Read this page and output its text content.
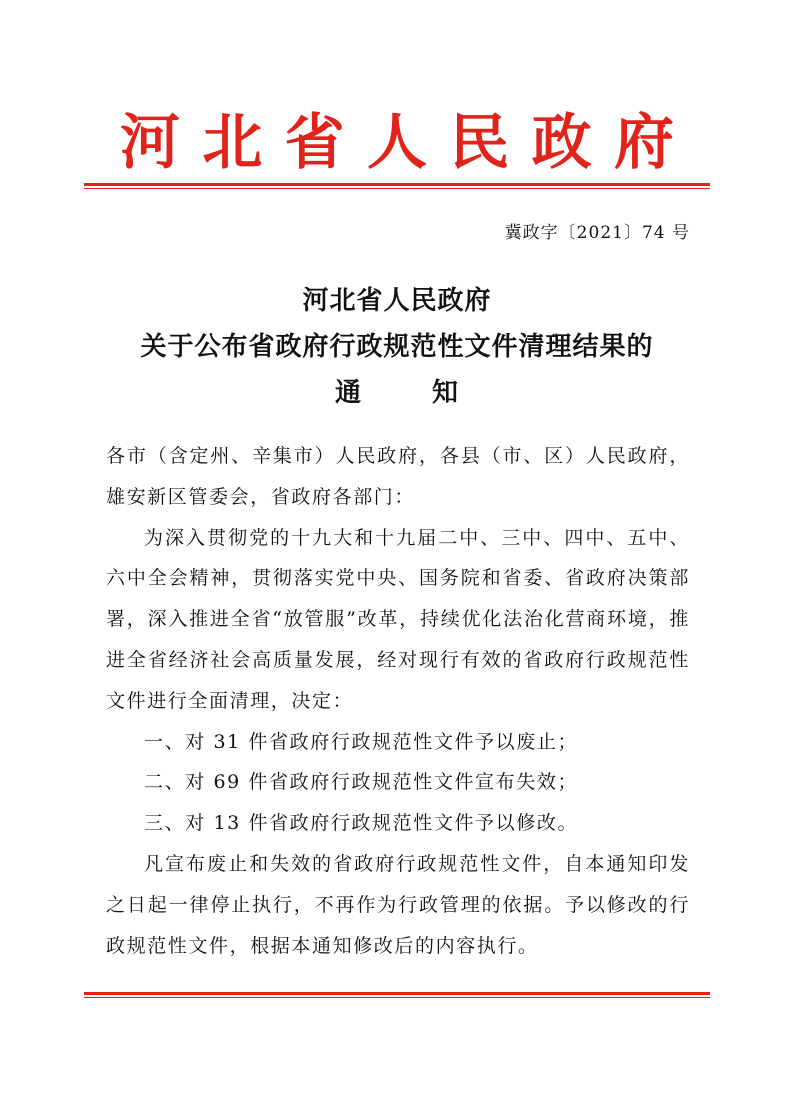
河 北 省 人 民 政 府
冀政字〔2021〕74 号
河北省人民政府
关于公布省政府行政规范性文件清理结果的
通	知

各市（含定州、辛集市）人民政府，各县（市、区）人民政府，雄安新区管委会，省政府各部门：

为深入贯彻党的十九大和十九届二中、三中、四中、五中、六中全会精神，贯彻落实党中央、国务院和省委、省政府决策部署，深入推进全省“放管服”改革，持续优化法治化营商环境，推进全省经济社会高质量发展，经对现行有效的省政府行政规范性文件进行全面清理，决定：

一、对 31 件省政府行政规范性文件予以废止；

二、对 69 件省政府行政规范性文件宣布失效；

三、对 13 件省政府行政规范性文件予以修改。

凡宣布废止和失效的省政府行政规范性文件，自本通知印发之日起一律停止执行，不再作为行政管理的依据。予以修改的行政规范性文件，根据本通知修改后的内容执行。
